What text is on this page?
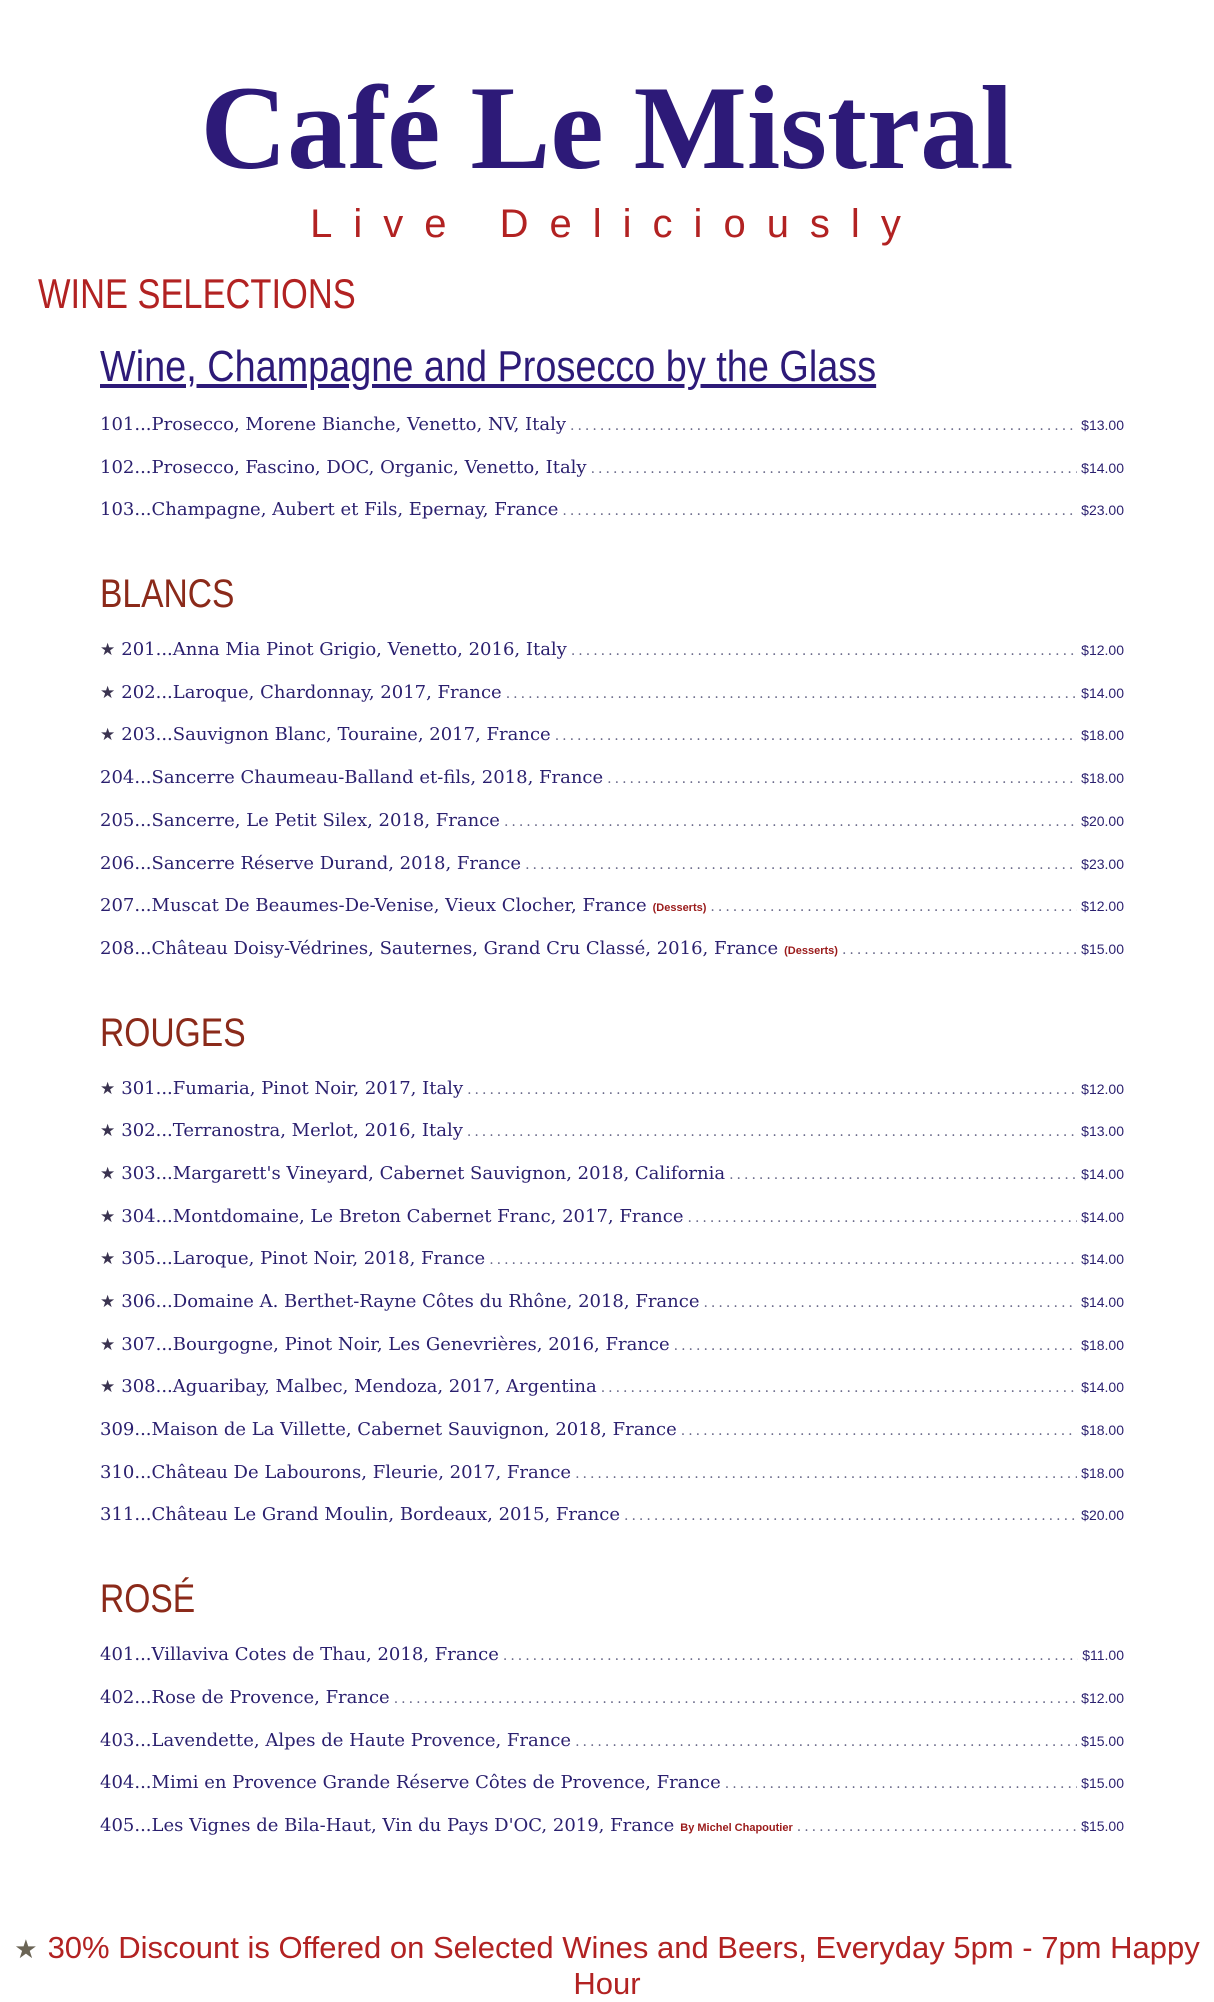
Café Le Mistral
Live Deliciously
WINE SELECTIONS
Wine, Champagne and Prosecco by the Glass
101...Prosecco, Morene Bianche, Venetto, NV, Italy .....	$13.00
102...Prosecco, Fascino, DOC, Organic, Venetto, Italy .....	$14.00
103...Champagne, Aubert et Fils, Epernay, France .....	$23.00
BLANCS
★ 201...Anna Mia Pinot Grigio, Venetto, 2016, Italy .....	$12.00
★ 202...Laroque, Chardonnay, 2017, France .....	$14.00
★ 203...Sauvignon Blanc, Touraine, 2017, France .....	$18.00
204...Sancerre Chaumeau-Balland et-fils, 2018, France .....	$18.00
205...Sancerre, Le Petit Silex, 2018, France .....	$20.00
206...Sancerre Réserve Durand, 2018, France .....	$23.00
207...Muscat De Beaumes-De-Venise, Vieux Clocher, France (Desserts) .....	$12.00
208...Château Doisy-Védrines, Sauternes, Grand Cru Classé, 2016, France (Desserts) .....	$15.00
ROUGES
★ 301...Fumaria, Pinot Noir, 2017, Italy .....	$12.00
★ 302...Terranostra, Merlot, 2016, Italy .....	$13.00
★ 303...Margarett's Vineyard, Cabernet Sauvignon, 2018, California .....	$14.00
★ 304...Montdomaine, Le Breton Cabernet Franc, 2017, France .....	$14.00
★ 305...Laroque, Pinot Noir, 2018, France .....	$14.00
★ 306...Domaine A. Berthet-Rayne Côtes du Rhône, 2018, France .....	$14.00
★ 307...Bourgogne, Pinot Noir, Les Genevrières, 2016, France .....	$18.00
★ 308...Aguaribay, Malbec, Mendoza, 2017, Argentina .....	$14.00
309...Maison de La Villette, Cabernet Sauvignon, 2018, France .....	$18.00
310...Château De Labourons, Fleurie, 2017, France .....	$18.00
311...Château Le Grand Moulin, Bordeaux, 2015, France .....	$20.00
ROSÉ
401...Villaviva Cotes de Thau, 2018, France .....	$11.00
402...Rose de Provence, France .....	$12.00
403...Lavendette, Alpes de Haute Provence, France .....	$15.00
404...Mimi en Provence Grande Réserve Côtes de Provence, France .....	$15.00
405...Les Vignes de Bila-Haut, Vin du Pays D'OC, 2019, France By Michel Chapoutier .....	$15.00
★ 30% Discount is Offered on Selected Wines and Beers, Everyday 5pm - 7pm Happy Hour
